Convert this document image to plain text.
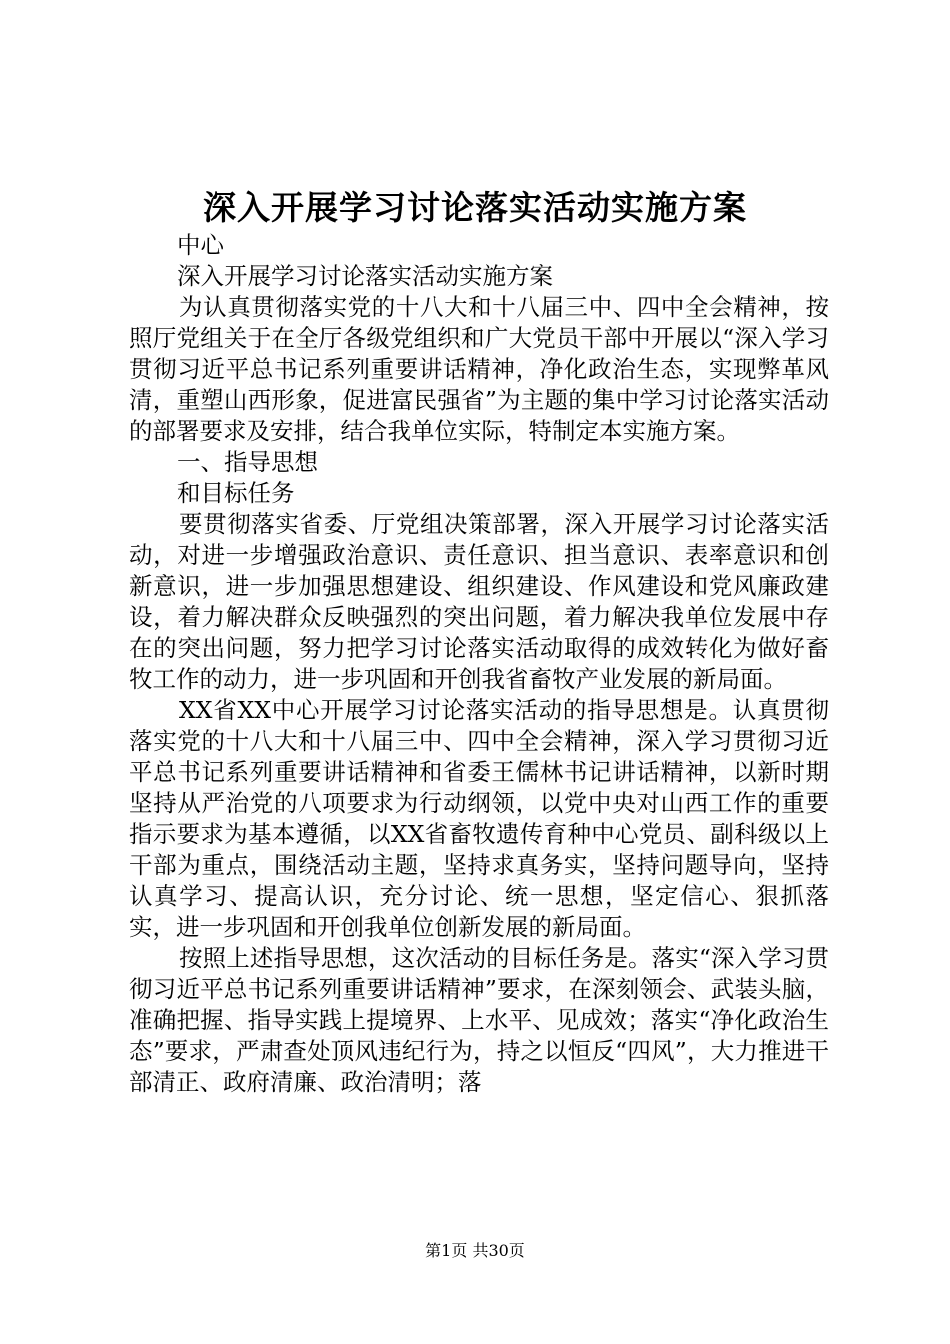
深入开展学习讨论落实活动实施方案

中心

深入开展学习讨论落实活动实施方案

为认真贯彻落实党的十八大和十八届三中、四中全会精神，按照厅党组关于在全厅各级党组织和广大党员干部中开展以“深入学习贯彻习近平总书记系列重要讲话精神，净化政治生态，实现弊革风清，重塑山西形象，促进富民强省”为主题的集中学习讨论落实活动的部署要求及安排，结合我单位实际，特制定本实施方案。

一、指导思想

和目标任务

要贯彻落实省委、厅党组决策部署，深入开展学习讨论落实活动，对进一步增强政治意识、责任意识、担当意识、表率意识和创新意识，进一步加强思想建设、组织建设、作风建设和党风廉政建设，着力解决群众反映强烈的突出问题，着力解决我单位发展中存在的突出问题，努力把学习讨论落实活动取得的成效转化为做好畜牧工作的动力，进一步巩固和开创我省畜牧产业发展的新局面。

XX省XX中心开展学习讨论落实活动的指导思想是。认真贯彻落实党的十八大和十八届三中、四中全会精神，深入学习贯彻习近平总书记系列重要讲话精神和省委王儒林书记讲话精神，以新时期坚持从严治党的八项要求为行动纲领，以党中央对山西工作的重要指示要求为基本遵循，以XX省畜牧遗传育种中心党员、副科级以上干部为重点，围绕活动主题，坚持求真务实，坚持问题导向，坚持认真学习、提高认识，充分讨论、统一思想，坚定信心、狠抓落实，进一步巩固和开创我单位创新发展的新局面。

按照上述指导思想，这次活动的目标任务是。落实“深入学习贯彻习近平总书记系列重要讲话精神”要求，在深刻领会、武装头脑，准确把握、指导实践上提境界、上水平、见成效；落实“净化政治生态”要求，严肃查处顶风违纪行为，持之以恒反“四风”，大力推进干部清正、政府清廉、政治清明；落

第1页 共30页
